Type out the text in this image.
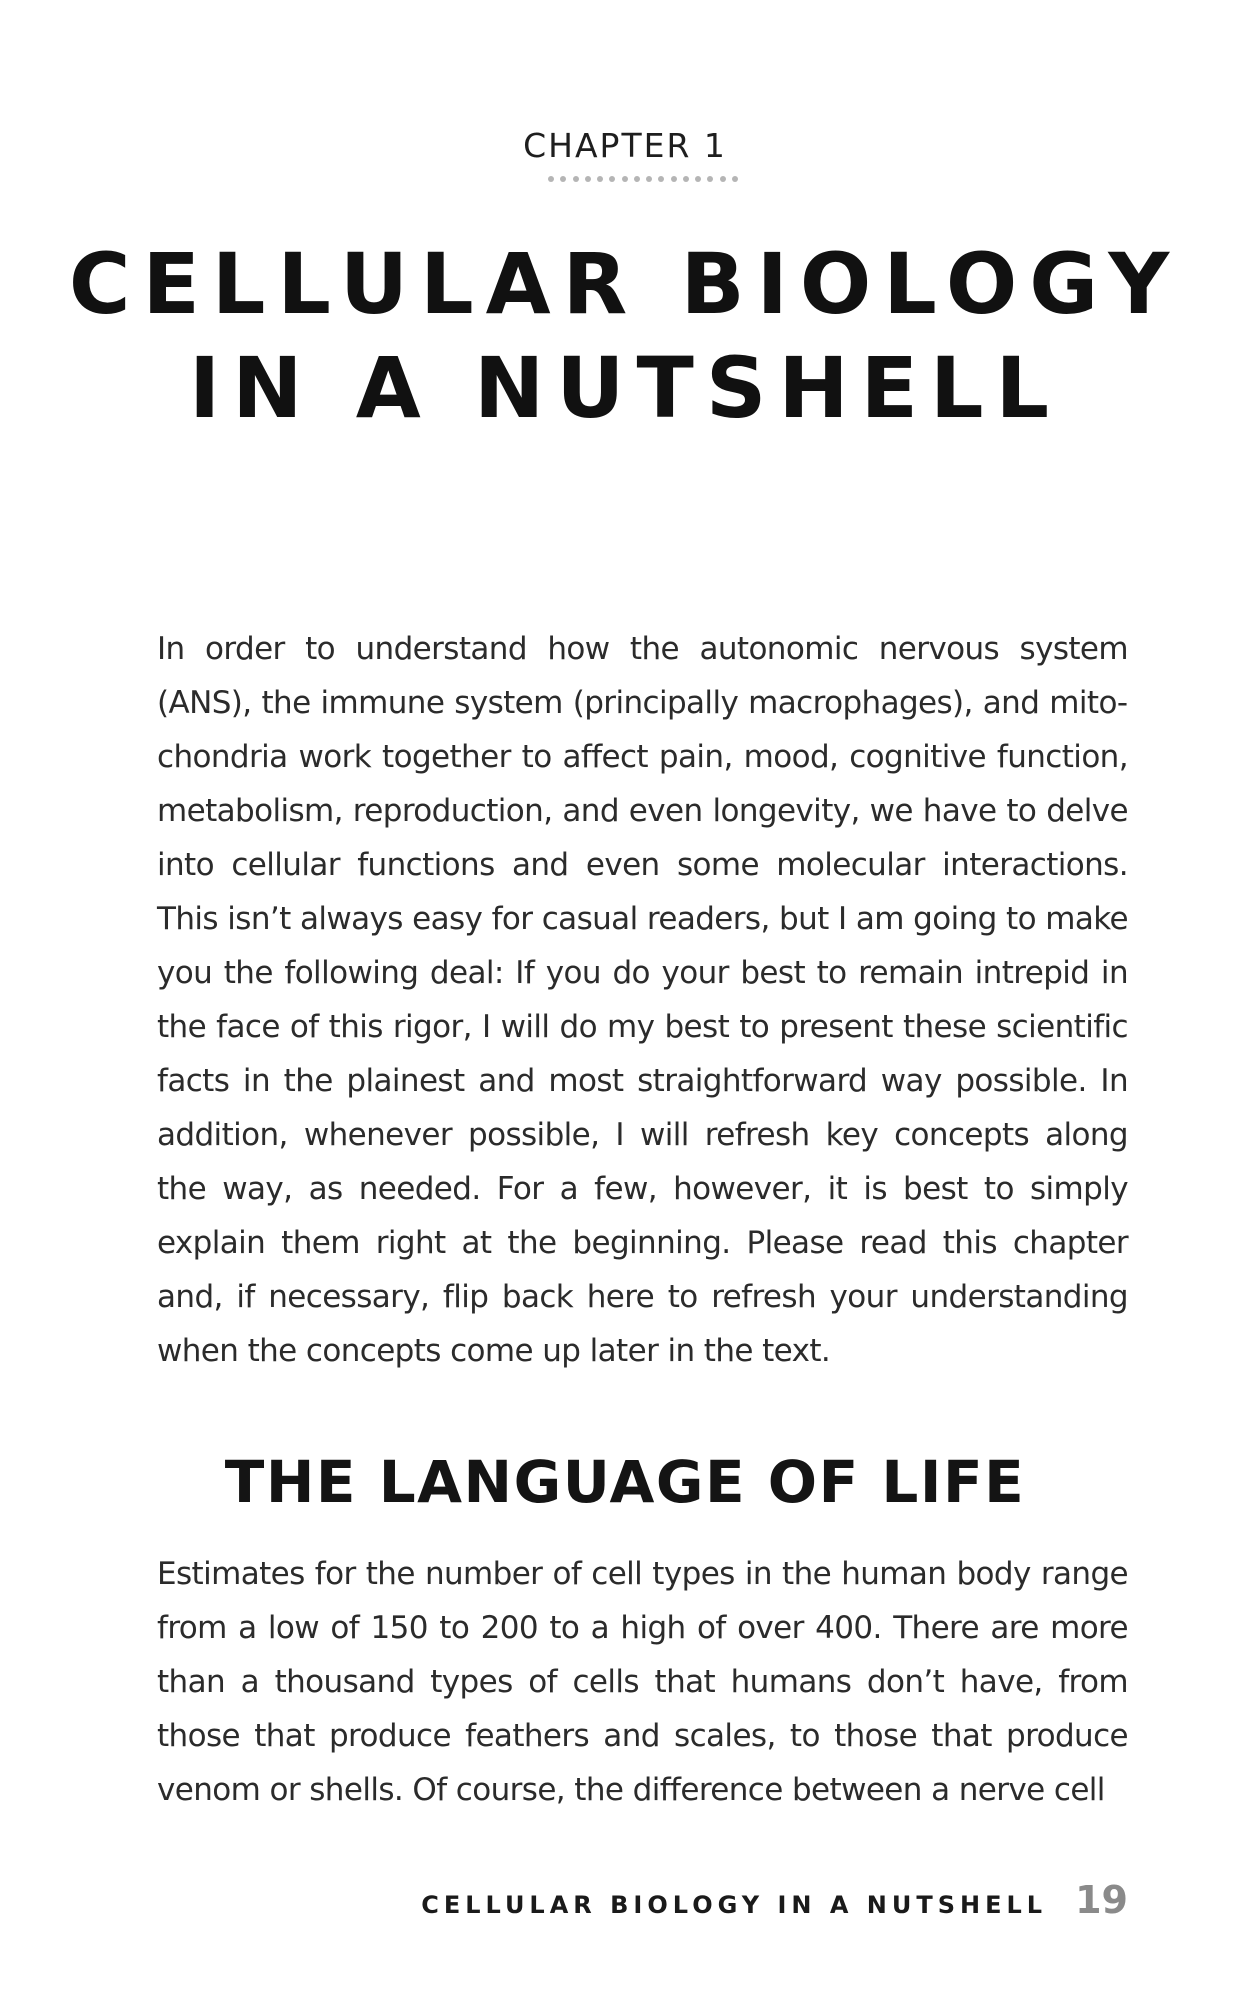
CHAPTER 1
CELLULAR BIOLOGY
IN A NUTSHELL

In order to understand how the autonomic nervous system (ANS), the immune system (principally macrophages), and mitochondria work together to affect pain, mood, cognitive function, metabolism, reproduction, and even longevity, we have to delve into cellular functions and even some molecular interactions. This isn’t always easy for casual readers, but I am going to make you the following deal: If you do your best to remain intrepid in the face of this rigor, I will do my best to present these scientific facts in the plainest and most straightforward way possible. In addition, whenever possible, I will refresh key concepts along the way, as needed. For a few, however, it is best to simply explain them right at the beginning. Please read this chapter and, if necessary, flip back here to refresh your understanding when the concepts come up later in the text.

THE LANGUAGE OF LIFE

Estimates for the number of cell types in the human body range from a low of 150 to 200 to a high of over 400. There are more than a thousand types of cells that humans don’t have, from those that produce feathers and scales, to those that produce venom or shells. Of course, the difference between a nerve cell

CELLULAR BIOLOGY IN A NUTSHELL 19
